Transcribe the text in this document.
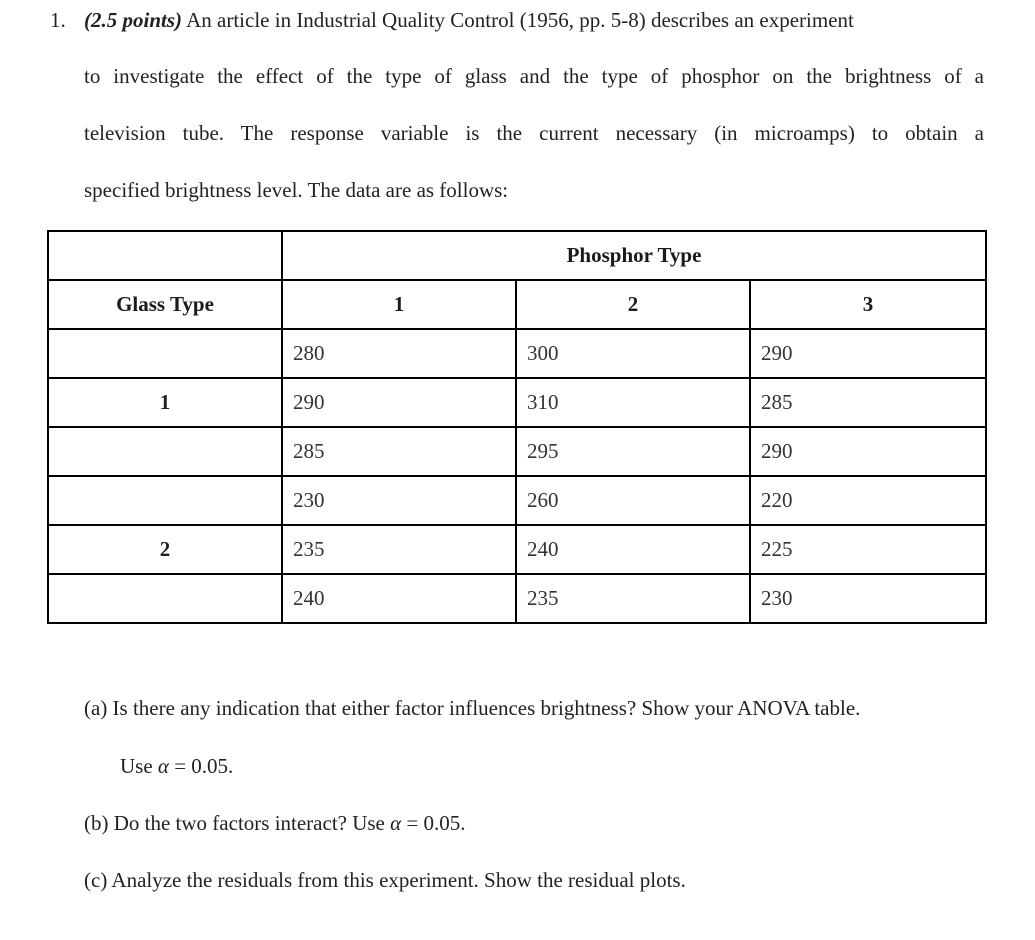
1. (2.5 points) An article in Industrial Quality Control (1956, pp. 5-8) describes an experiment
to investigate the effect of the type of glass and the type of phosphor on the brightness of a
television tube. The response variable is the current necessary (in microamps) to obtain a
specified brightness level. The data are as follows:
	Phosphor Type		
Glass Type	1	2	3
	280	300	290
1	290	310	285
	285	295	290
	230	260	220
2	235	240	225
	240	235	230
(a) Is there any indication that either factor influences brightness? Show your ANOVA table.
Use α = 0.05.
(b) Do the two factors interact? Use α = 0.05.
(c) Analyze the residuals from this experiment. Show the residual plots.
